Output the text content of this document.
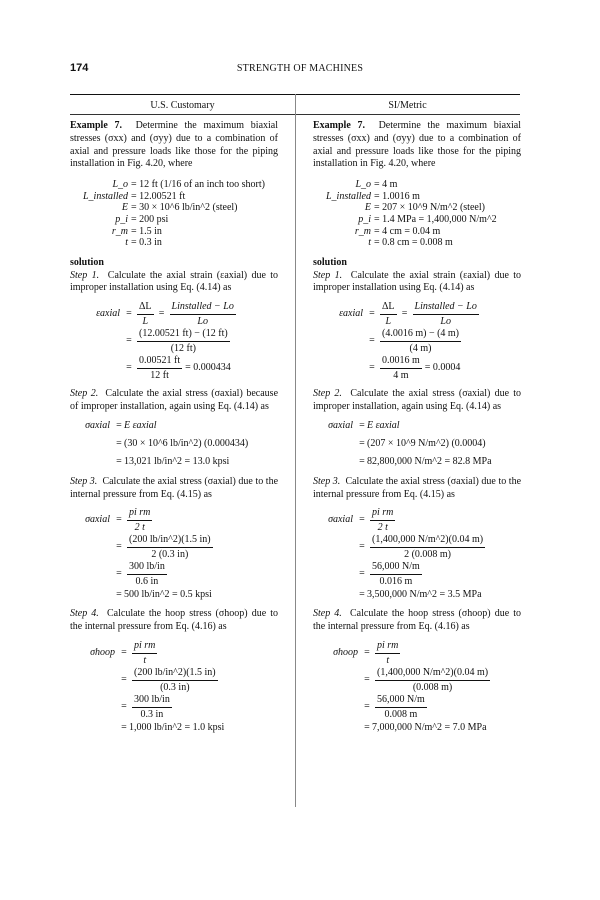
174	STRENGTH OF MACHINES
U.S. Customary	SI/Metric

Example 7. Determine the maximum biaxial stresses (σxx) and (σyy) due to a combination of axial and pressure loads like those for the piping installation in Fig. 4.20, where

L_o = 12 ft (1/16 of an inch too short)
L_installed = 12.00521 ft
E = 30 × 10^6 lb/in^2 (steel)
p_i = 200 psi
r_m = 1.5 in
t = 0.3 in

solution

Step 1. Calculate the axial strain (εaxial) due to improper installation using Eq. (4.14) as

εaxial = $\frac{\Delta L}{L} = \frac{\text{Linstalled − Lo}}{Lo}$
= $\frac{(12.00521 ft) - (12 ft)}{(12 ft)}$
= $\frac{0.00521 ft}{12 ft} = 0.000434$

Step 2. Calculate the axial stress (σaxial) because of improper installation, again using Eq. (4.14) as

σaxial = E εaxial
= (30 × 10^6 lb/in^2) (0.000434)
= 13,021 lb/in^2 = 13.0 kpsi

Step 3. Calculate the axial stress (σaxial) due to the internal pressure from Eq. (4.15) as

σaxial = $\frac{\text{pi rm}}{2 t}$
= $\frac{(200 lb/in\^{}2)(1.5 in)}{2 (0.3 in)}$
= $\frac{300 lb/in}{0.6 in}$
= 500 lb/in^2 = 0.5 kpsi

Step 4. Calculate the hoop stress (σhoop) due to the internal pressure from Eq. (4.16) as

σhoop = $\frac{\text{pi rm}}{t}$
= $\frac{(200 lb/in\^{}2)(1.5 in)}{(0.3 in)}$
= $\frac{300 lb/in}{0.3 in}$
= 1,000 lb/in^2 = 1.0 kpsi

Example 7. Determine the maximum biaxial stresses (σxx) and (σyy) due to a combination of axial and pressure loads like those for the piping installation in Fig. 4.20, where

L_o = 4 m
L_installed = 1.0016 m
E = 207 × 10^9 N/m^2 (steel)
p_i = 1.4 MPa = 1,400,000 N/m^2
r_m = 4 cm = 0.04 m
t = 0.8 cm = 0.008 m

solution

Step 1. Calculate the axial strain (εaxial) due to improper installation using Eq. (4.14) as

εaxial = $\frac{\Delta L}{L} = \frac{\text{Linstalled − Lo}}{Lo}$
= $\frac{(4.0016 m) - (4 m)}{(4 m)}$
= $\frac{0.0016 m}{4 m} = 0.0004$

Step 2. Calculate the axial stress (σaxial) due to improper installation, again using Eq. (4.14) as

σaxial = E εaxial
= (207 × 10^9 N/m^2) (0.0004)
= 82,800,000 N/m^2 = 82.8 MPa

Step 3. Calculate the axial stress (σaxial) due to the internal pressure from Eq. (4.15) as

σaxial = $\frac{\text{pi rm}}{2 t}$
= $\frac{(1,400,000 N/m\^{}2)(0.04 m)}{2 (0.008 m)}$
= $\frac{56,000 N/m}{0.016 m}$
= 3,500,000 N/m^2 = 3.5 MPa

Step 4. Calculate the hoop stress (σhoop) due to the internal pressure from Eq. (4.16) as

σhoop = $\frac{\text{pi rm}}{t}$
= $\frac{(1,400,000 N/m\^{}2)(0.04 m)}{(0.008 m)}$
= $\frac{56,000 N/m}{0.008 m}$
= 7,000,000 N/m^2 = 7.0 MPa
